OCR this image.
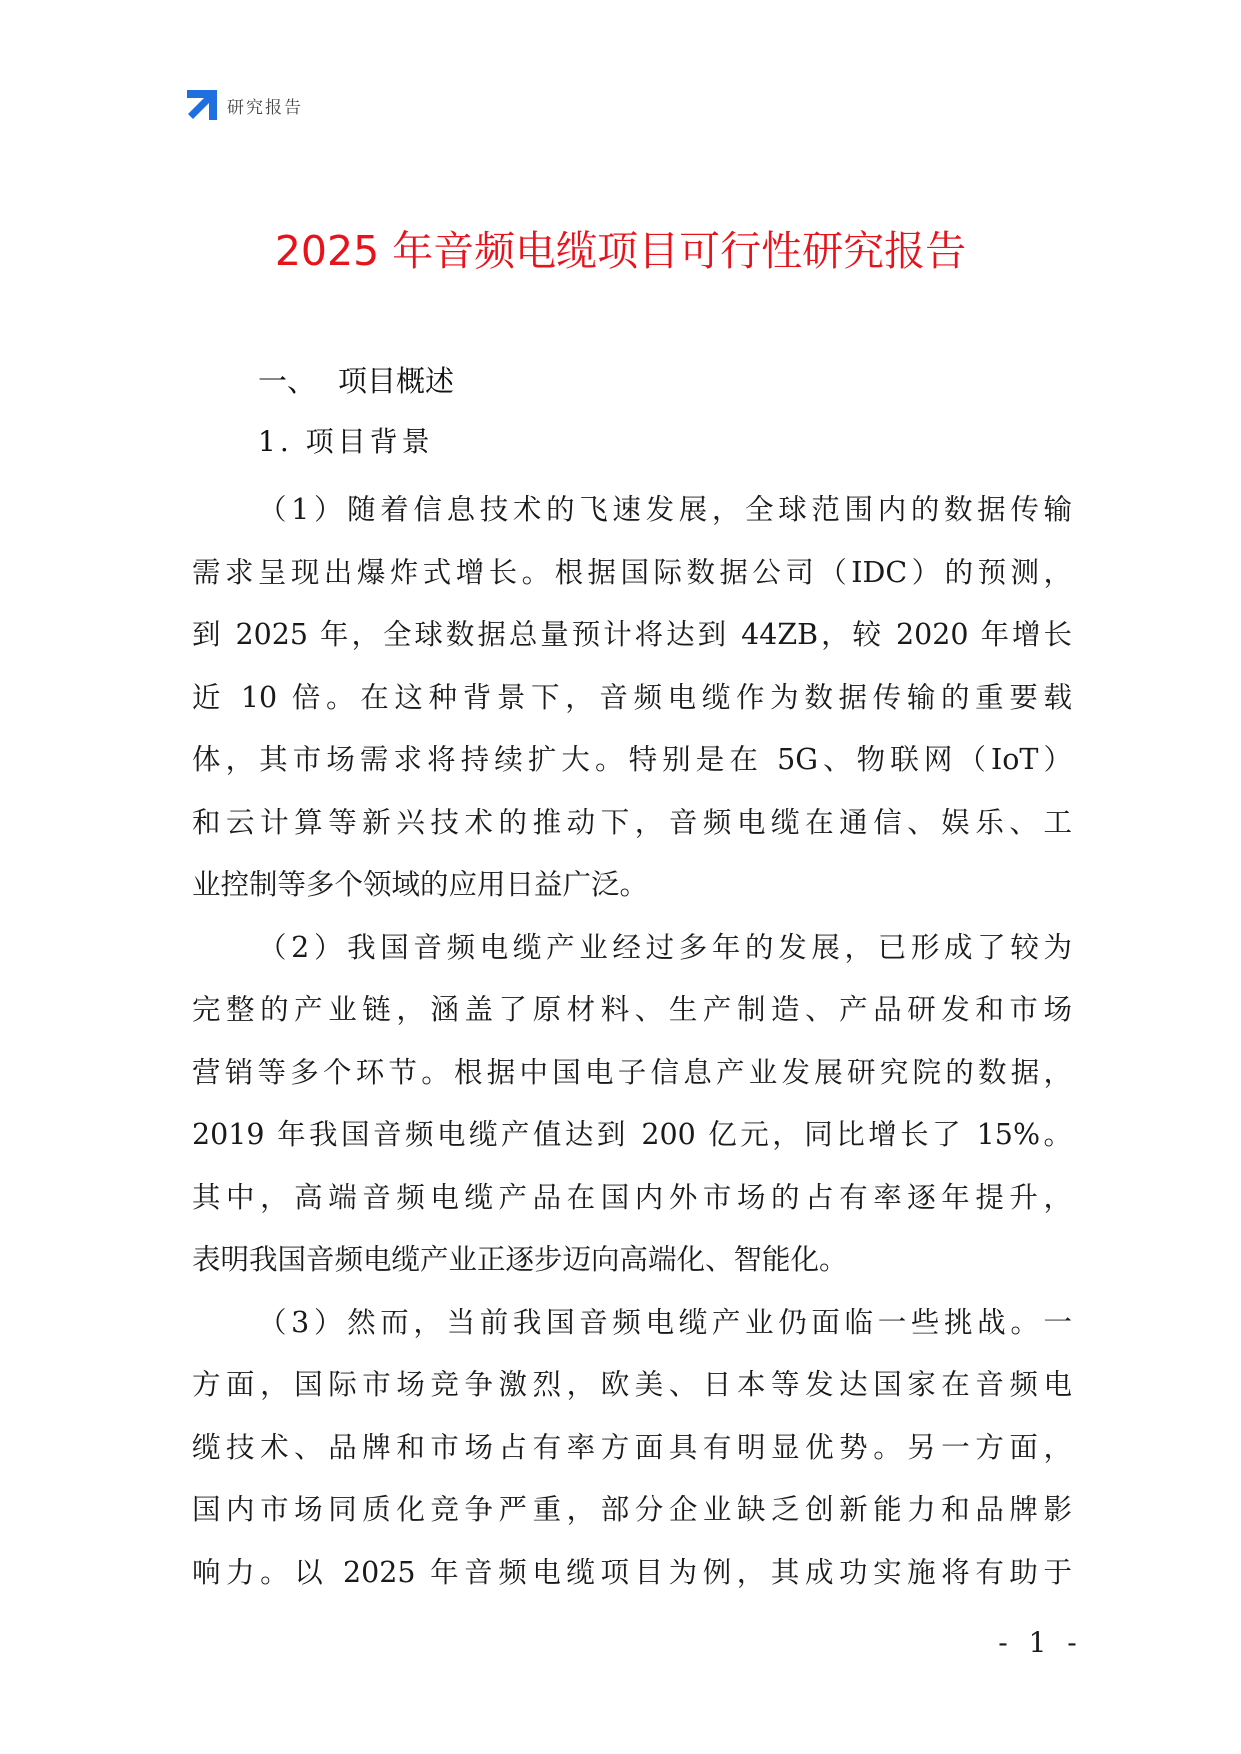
研究报告
2025 年音频电缆项目可行性研究报告
一、 项目概述
1. 项目背景
（1）随着信息技术的飞速发展，全球范围内的数据传输
需求呈现出爆炸式增长。根据国际数据公司（IDC）的预测，
到 2025 年，全球数据总量预计将达到 44ZB，较 2020 年增长
近 10 倍。在这种背景下，音频电缆作为数据传输的重要载
体，其市场需求将持续扩大。特别是在 5G、物联网（IoT）
和云计算等新兴技术的推动下，音频电缆在通信、娱乐、工
业控制等多个领域的应用日益广泛。
（2）我国音频电缆产业经过多年的发展，已形成了较为
完整的产业链，涵盖了原材料、生产制造、产品研发和市场
营销等多个环节。根据中国电子信息产业发展研究院的数据，
2019 年我国音频电缆产值达到 200 亿元，同比增长了 15%。
其中，高端音频电缆产品在国内外市场的占有率逐年提升，
表明我国音频电缆产业正逐步迈向高端化、智能化。
（3）然而，当前我国音频电缆产业仍面临一些挑战。一
方面，国际市场竞争激烈，欧美、日本等发达国家在音频电
缆技术、品牌和市场占有率方面具有明显优势。另一方面，
国内市场同质化竞争严重，部分企业缺乏创新能力和品牌影
响力。以 2025 年音频电缆项目为例，其成功实施将有助于
- 1 -
